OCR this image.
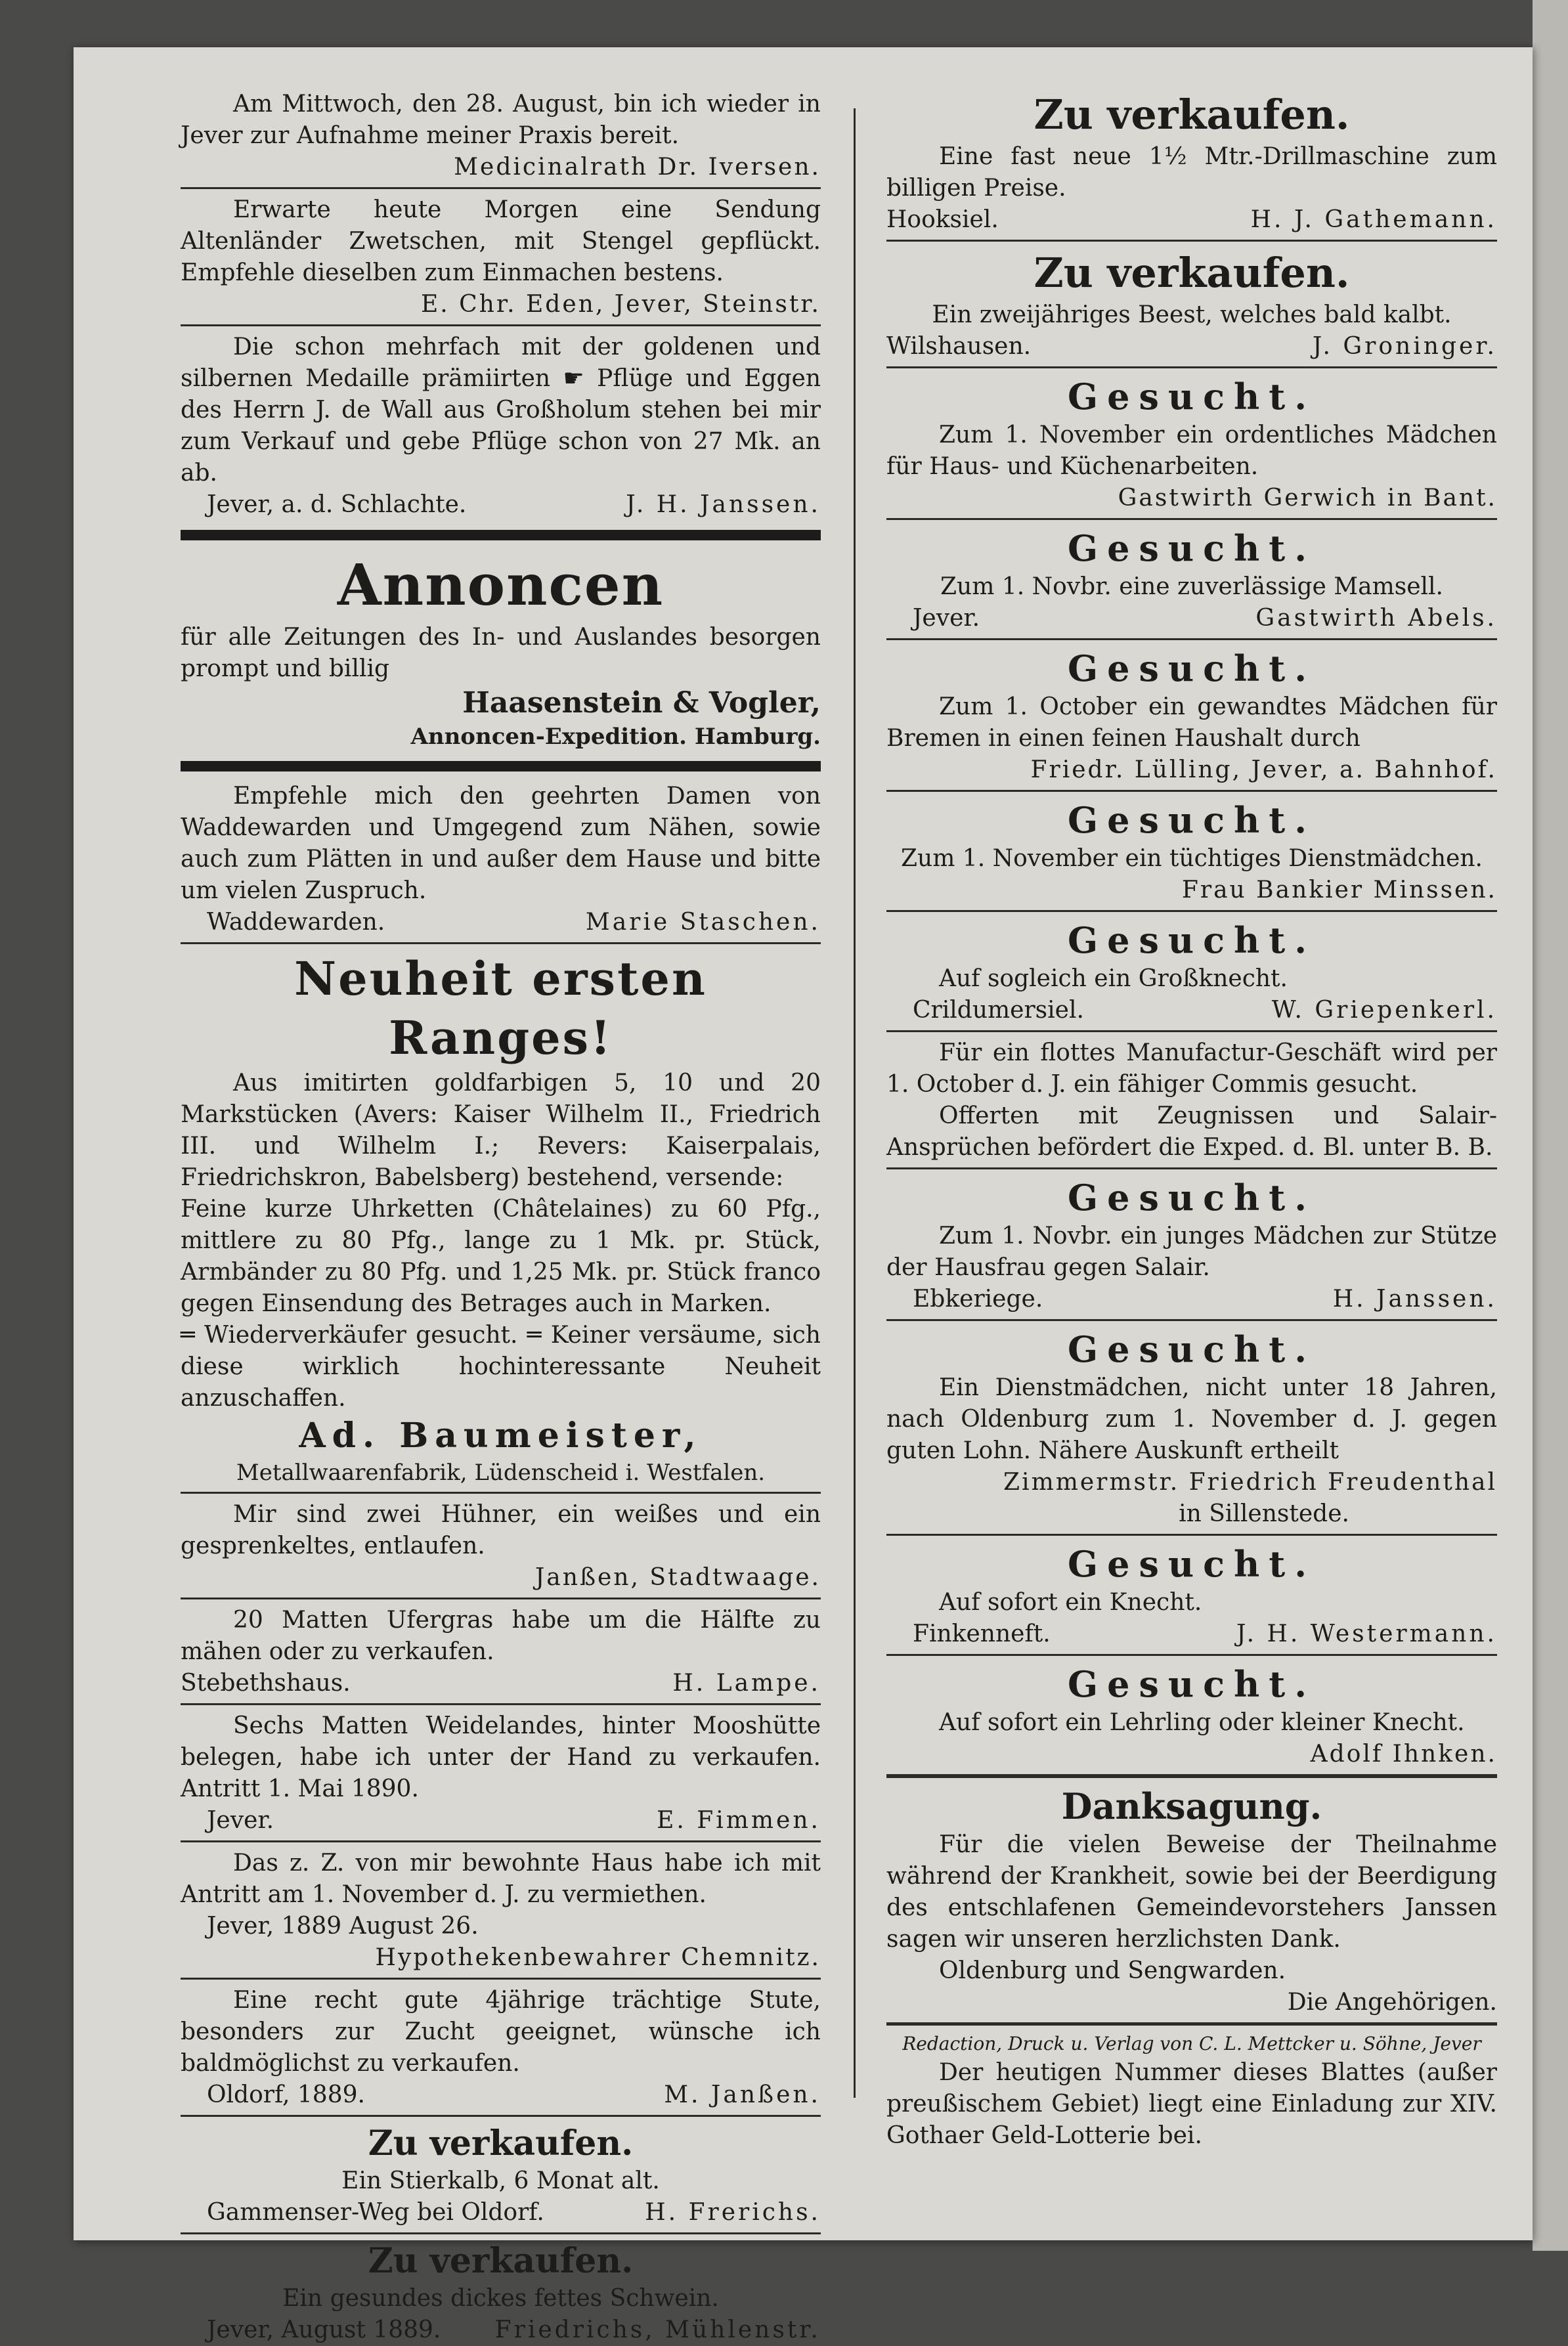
Am Mittwoch, den 28. August, bin ich wieder in Jever zur Aufnahme meiner Praxis bereit.

Medicinalrath Dr. Iversen.

Erwarte heute Morgen eine Sendung Altenländer Zwetschen, mit Stengel gepflückt. Empfehle dieselben zum Einmachen bestens.

E. Chr. Eden, Jever, Steinstr.

Die schon mehrfach mit der goldenen und silbernen Medaille prämiirten ☛ Pflüge und Eggen des Herrn J. de Wall aus Großholum stehen bei mir zum Verkauf und gebe Pflüge schon von 27 Mk. an ab.

Jever, a. d. Schlachte.	J. H. Janssen.
Annoncen

für alle Zeitungen des In- und Auslandes besorgen prompt und billig

Haasenstein & Vogler,
Annoncen-Expedition. Hamburg.

Empfehle mich den geehrten Damen von Waddewarden und Umgegend zum Nähen, sowie auch zum Plätten in und außer dem Hause und bitte um vielen Zuspruch.

Waddewarden.	Marie Staschen.
Neuheit ersten Ranges!

Aus imitirten goldfarbigen 5, 10 und 20 Markstücken (Avers: Kaiser Wilhelm II., Friedrich III. und Wilhelm I.; Revers: Kaiserpalais, Friedrichskron, Babelsberg) bestehend, versende:

Feine kurze Uhrketten (Châtelaines) zu 60 Pfg., mittlere zu 80 Pfg., lange zu 1 Mk. pr. Stück, Armbänder zu 80 Pfg. und 1,25 Mk. pr. Stück franco gegen Einsendung des Betrages auch in Marken.

═ Wiederverkäufer gesucht. ═ Keiner versäume, sich diese wirklich hochinteressante Neuheit anzuschaffen.

Ad. Baumeister,
Metallwaarenfabrik, Lüdenscheid i. Westfalen.

Mir sind zwei Hühner, ein weißes und ein gesprenkeltes, entlaufen.

Janßen, Stadtwaage.

20 Matten Ufergras habe um die Hälfte zu mähen oder zu verkaufen.

Stebethshaus.	H. Lampe.

Sechs Matten Weidelandes, hinter Mooshütte belegen, habe ich unter der Hand zu verkaufen. Antritt 1. Mai 1890.

Jever.	E. Fimmen.

Das z. Z. von mir bewohnte Haus habe ich mit Antritt am 1. November d. J. zu vermiethen.

Jever, 1889 August 26.
Hypothekenbewahrer Chemnitz.

Eine recht gute 4jährige trächtige Stute, besonders zur Zucht geeignet, wünsche ich baldmöglichst zu verkaufen.

Oldorf, 1889.	M. Janßen.
Zu verkaufen.
Ein Stierkalb, 6 Monat alt.
Gammenser-Weg bei Oldorf.	H. Frerichs.
Zu verkaufen.
Ein gesundes dickes fettes Schwein.
Jever, August 1889. Friedrichs, Mühlenstr.
Zu verkaufen.

Eine fast neue 1½ Mtr.-Drillmaschine zum billigen Preise.

Hooksiel.	H. J. Gathemann.
Zu verkaufen.

Ein zweijähriges Beest, welches bald kalbt.

Wilshausen.	J. Groninger.
Gesucht.

Zum 1. November ein ordentliches Mädchen für Haus- und Küchenarbeiten.

Gastwirth Gerwich in Bant.
Gesucht.

Zum 1. Novbr. eine zuverlässige Mamsell.

Jever.	Gastwirth Abels.
Gesucht.

Zum 1. October ein gewandtes Mädchen für Bremen in einen feinen Haushalt durch

Friedr. Lülling, Jever, a. Bahnhof.
Gesucht.

Zum 1. November ein tüchtiges Dienstmädchen.

Frau Bankier Minssen.
Gesucht.

Auf sogleich ein Großknecht.

Crildumersiel.	W. Griepenkerl.

Für ein flottes Manufactur-Geschäft wird per 1. October d. J. ein fähiger Commis gesucht.

Offerten mit Zeugnissen und Salair-Ansprüchen befördert die Exped. d. Bl. unter B. B.

Gesucht.

Zum 1. Novbr. ein junges Mädchen zur Stütze der Hausfrau gegen Salair.

Ebkeriege.	H. Janssen.
Gesucht.

Ein Dienstmädchen, nicht unter 18 Jahren, nach Oldenburg zum 1. November d. J. gegen guten Lohn. Nähere Auskunft ertheilt

Zimmermstr. Friedrich Freudenthal
in Sillenstede.
Gesucht.

Auf sofort ein Knecht.

Finkenneft.	J. H. Westermann.
Gesucht.

Auf sofort ein Lehrling oder kleiner Knecht.

Adolf Ihnken.
Danksagung.

Für die vielen Beweise der Theilnahme während der Krankheit, sowie bei der Beerdigung des entschlafenen Gemeindevorstehers Janssen sagen wir unseren herzlichsten Dank.

Oldenburg und Sengwarden.
Die Angehörigen.
Redaction, Druck u. Verlag von C. L. Mettcker u. Söhne, Jever

Der heutigen Nummer dieses Blattes (außer preußischem Gebiet) liegt eine Einladung zur XIV. Gothaer Geld-Lotterie bei.
